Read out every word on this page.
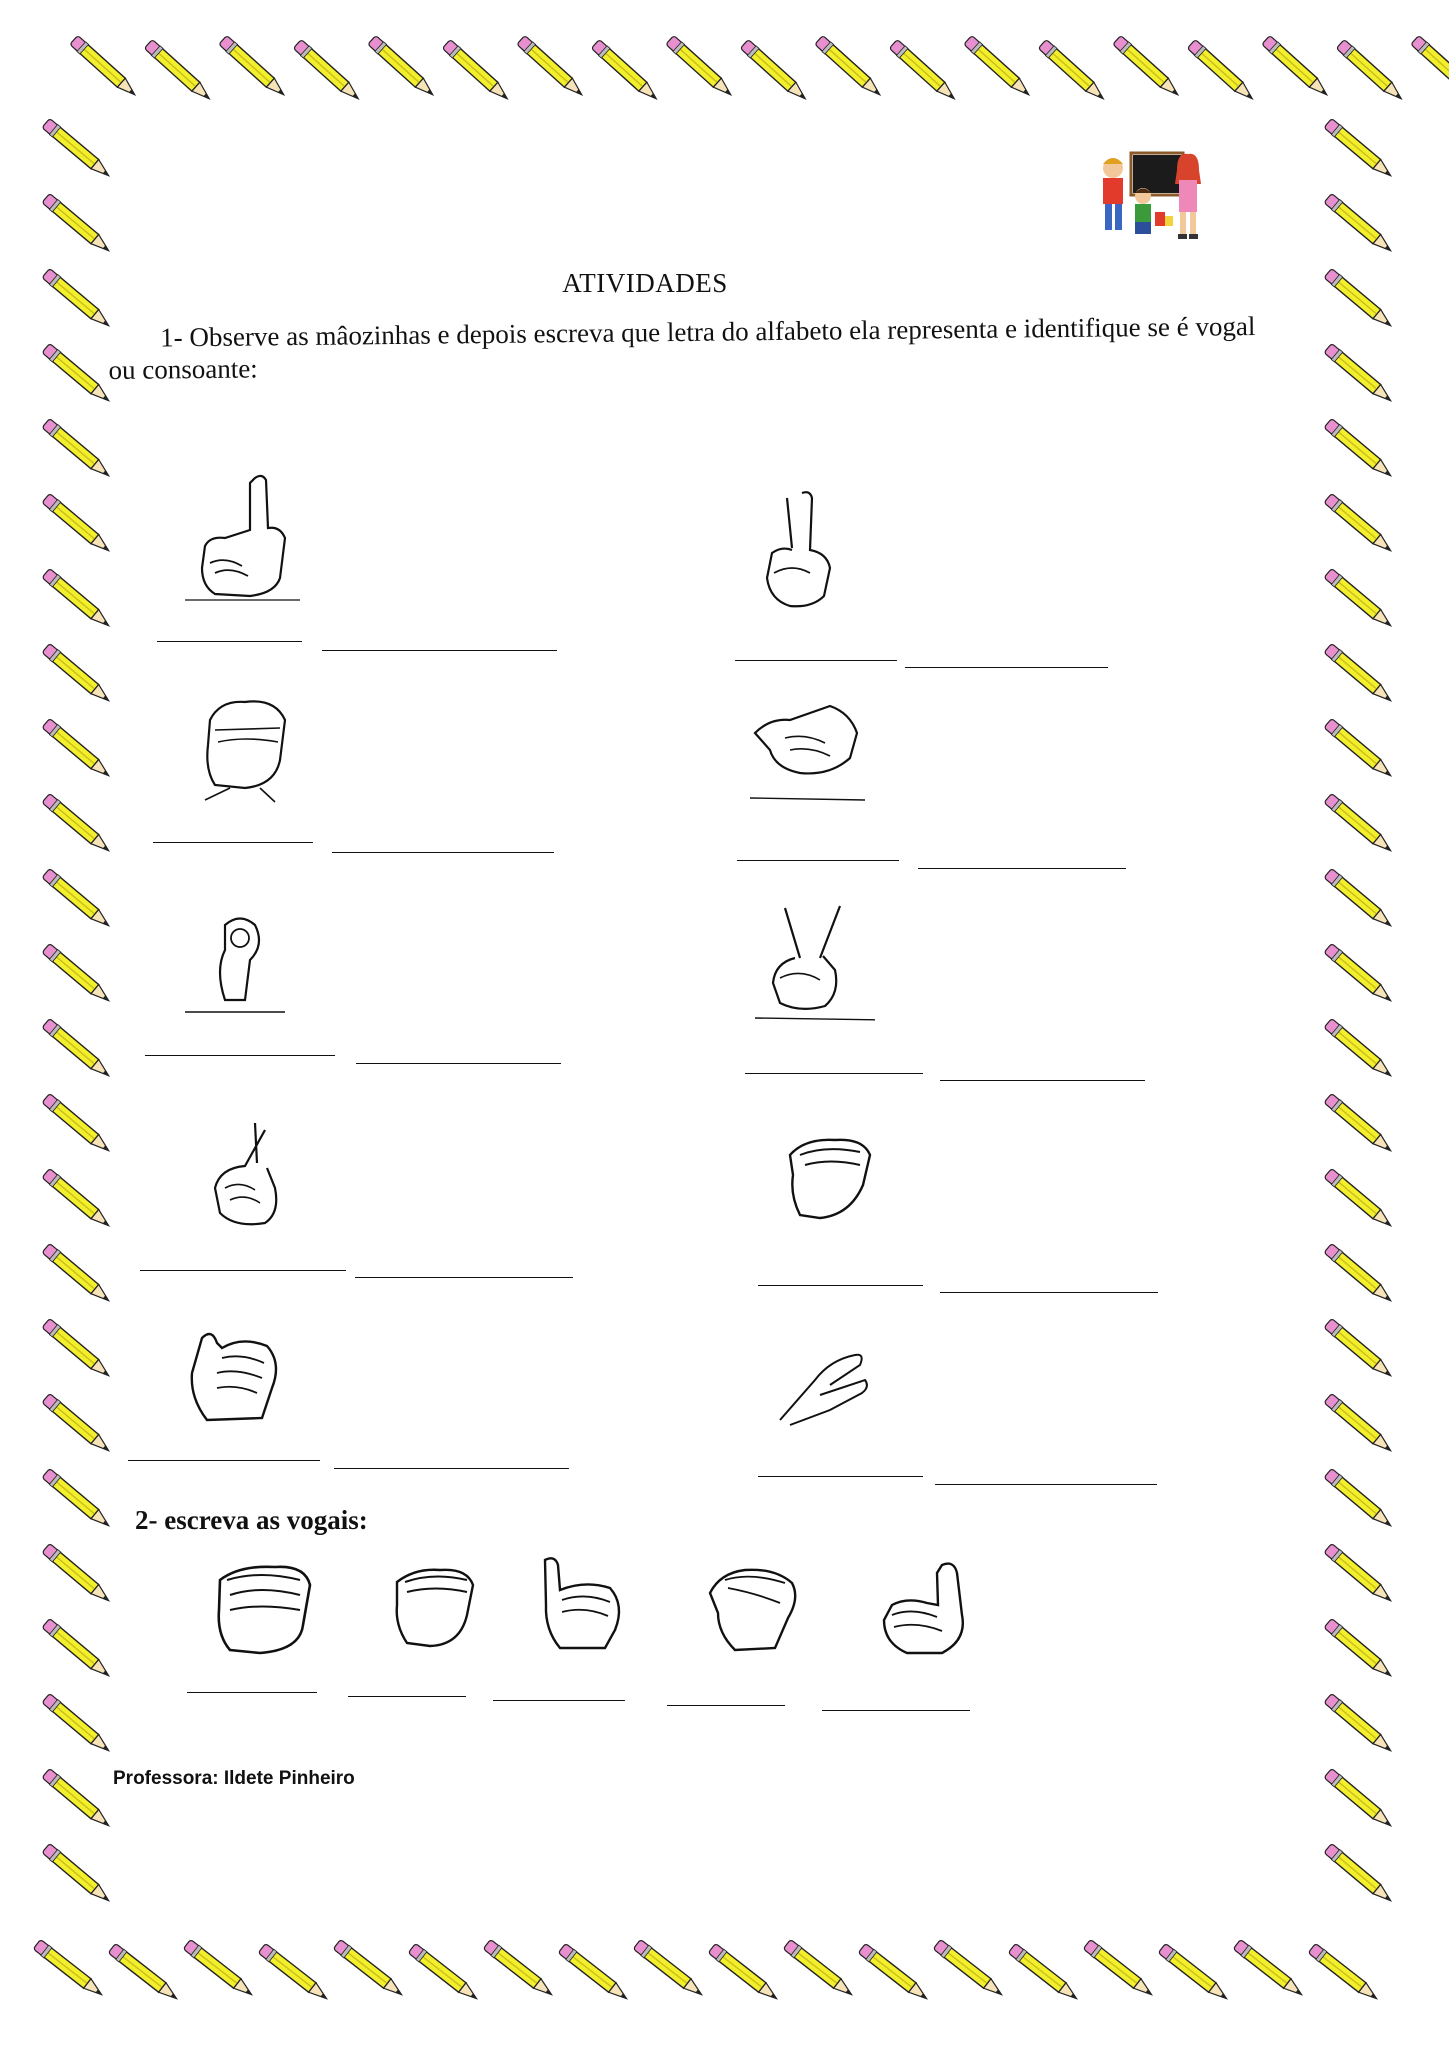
ATIVIDADES
1- Observe as mâozinhas e depois escreva que letra do alfabeto ela representa e identifique se é vogal ou consoante:
2- escreva as vogais:
Professora: Ildete Pinheiro
